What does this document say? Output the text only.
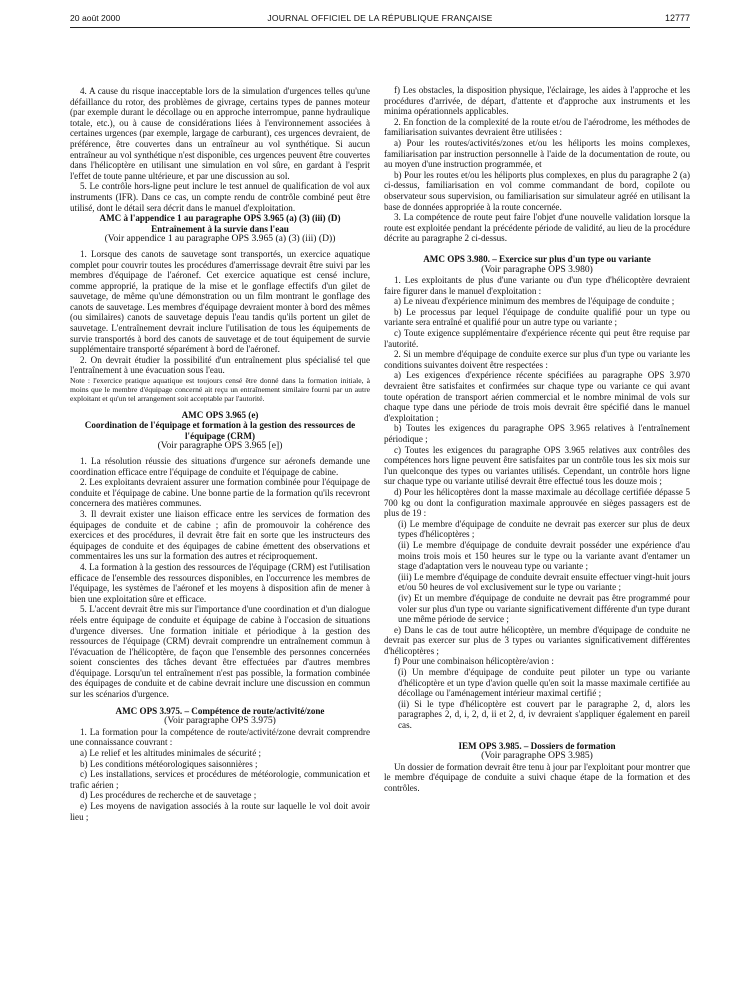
20 août 2000	JOURNAL OFFICIEL DE LA RÉPUBLIQUE FRANÇAISE	12777

4. A cause du risque inacceptable lors de la simulation d'urgences telles qu'une défaillance du rotor, des problèmes de givrage, certains types de pannes moteur (par exemple durant le décollage ou en approche interrompue, panne hydraulique totale, etc.), ou à cause de considérations liées à l'environnement associées à certaines urgences (par exemple, largage de carburant), ces urgences devraient, de préférence, être couvertes dans un entraîneur au vol synthétique. Si aucun entraîneur au vol synthétique n'est disponible, ces urgences peuvent être couvertes dans l'hélicoptère en utilisant une simulation en vol sûre, en gardant à l'esprit l'effet de toute panne ultérieure, et par une discussion au sol.

5. Le contrôle hors-ligne peut inclure le test annuel de qualification de vol aux instruments (IFR). Dans ce cas, un compte rendu de contrôle combiné peut être utilisé, dont le détail sera décrit dans le manuel d'exploitation.

AMC à l'appendice 1 au paragraphe OPS 3.965 (a) (3) (iii) (D)
Entraînement à la survie dans l'eau

(Voir appendice 1 au paragraphe OPS 3.965 (a) (3) (iii) (D))

1. Lorsque des canots de sauvetage sont transportés, un exercice aquatique complet pour couvrir toutes les procédures d'amerrissage devrait être suivi par les membres d'équipage de l'aéronef. Cet exercice aquatique est censé inclure, comme approprié, la pratique de la mise et le gonflage effectifs d'un gilet de sauvetage, de même qu'une démonstration ou un film montrant le gonflage des canots de sauvetage. Les membres d'équipage devraient monter à bord des mêmes (ou similaires) canots de sauvetage depuis l'eau tandis qu'ils portent un gilet de sauvetage. L'entraînement devrait inclure l'utilisation de tous les équipements de survie transportés à bord des canots de sauvetage et de tout équipement de survie supplémentaire transporté séparément à bord de l'aéronef.

2. On devrait étudier la possibilité d'un entraînement plus spécialisé tel que l'entraînement à une évacuation sous l'eau.

Note : l'exercice pratique aquatique est toujours censé être donné dans la formation initiale, à moins que le membre d'équipage concerné ait reçu un entraînement similaire fourni par un autre exploitant et qu'un tel arrangement soit acceptable par l'autorité.

AMC OPS 3.965 (e)
Coordination de l'équipage et formation à la gestion des ressources de l'équipage (CRM)

(Voir paragraphe OPS 3.965 [e])

1. La résolution réussie des situations d'urgence sur aéronefs demande une coordination efficace entre l'équipage de conduite et l'équipage de cabine.

2. Les exploitants devraient assurer une formation combinée pour l'équipage de conduite et l'équipage de cabine. Une bonne partie de la formation qu'ils recevront concernera des matières communes.

3. Il devrait exister une liaison efficace entre les services de formation des équipages de conduite et de cabine ; afin de promouvoir la cohérence des exercices et des procédures, il devrait être fait en sorte que les instructeurs des équipages de conduite et des équipages de cabine émettent des observations et commentaires les uns sur la formation des autres et réciproquement.

4. La formation à la gestion des ressources de l'équipage (CRM) est l'utilisation efficace de l'ensemble des ressources disponibles, en l'occurrence les membres de l'équipage, les systèmes de l'aéronef et les moyens à disposition afin de mener à bien une exploitation sûre et efficace.

5. L'accent devrait être mis sur l'importance d'une coordination et d'un dialogue réels entre équipage de conduite et équipage de cabine à l'occasion de situations d'urgence diverses. Une formation initiale et périodique à la gestion des ressources de l'équipage (CRM) devrait comprendre un entraînement commun à l'évacuation de l'hélicoptère, de façon que l'ensemble des personnes concernées soient conscientes des tâches devant être effectuées par d'autres membres d'équipage. Lorsqu'un tel entraînement n'est pas possible, la formation combinée des équipages de conduite et de cabine devrait inclure une discussion en commun sur les scénarios d'urgence.

AMC OPS 3.975. – Compétence de route/activité/zone

(Voir paragraphe OPS 3.975)

1. La formation pour la compétence de route/activité/zone devrait comprendre une connaissance couvrant :

a) Le relief et les altitudes minimales de sécurité ;

b) Les conditions météorologiques saisonnières ;

c) Les installations, services et procédures de météorologie, communication et trafic aérien ;

d) Les procédures de recherche et de sauvetage ;

e) Les moyens de navigation associés à la route sur laquelle le vol doit avoir lieu ;

f) Les obstacles, la disposition physique, l'éclairage, les aides à l'approche et les procédures d'arrivée, de départ, d'attente et d'approche aux instruments et les minima opérationnels applicables.

2. En fonction de la complexité de la route et/ou de l'aérodrome, les méthodes de familiarisation suivantes devraient être utilisées :

a) Pour les routes/activités/zones et/ou les héliports les moins complexes, familiarisation par instruction personnelle à l'aide de la documentation de route, ou au moyen d'une instruction programmée, et

b) Pour les routes et/ou les héliports plus complexes, en plus du paragraphe 2 (a) ci-dessus, familiarisation en vol comme commandant de bord, copilote ou observateur sous supervision, ou familiarisation sur simulateur agréé en utilisant la base de données appropriée à la route concernée.

3. La compétence de route peut faire l'objet d'une nouvelle validation lorsque la route est exploitée pendant la précédente période de validité, au lieu de la procédure décrite au paragraphe 2 ci-dessus.

AMC OPS 3.980. – Exercice sur plus d'un type ou variante

(Voir paragraphe OPS 3.980)

1. Les exploitants de plus d'une variante ou d'un type d'hélicoptère devraient faire figurer dans le manuel d'exploitation :

a) Le niveau d'expérience minimum des membres de l'équipage de conduite ;

b) Le processus par lequel l'équipage de conduite qualifié pour un type ou variante sera entraîné et qualifié pour un autre type ou variante ;

c) Toute exigence supplémentaire d'expérience récente qui peut être requise par l'autorité.

2. Si un membre d'équipage de conduite exerce sur plus d'un type ou variante les conditions suivantes doivent être respectées :

a) Les exigences d'expérience récente spécifiées au paragraphe OPS 3.970 devraient être satisfaites et confirmées sur chaque type ou variante ce qui avant toute opération de transport aérien commercial et le nombre minimal de vols sur chaque type dans une période de trois mois devrait être spécifié dans le manuel d'exploitation ;

b) Toutes les exigences du paragraphe OPS 3.965 relatives à l'entraînement périodique ;

c) Toutes les exigences du paragraphe OPS 3.965 relatives aux contrôles des compétences hors ligne peuvent être satisfaites par un contrôle tous les six mois sur l'un quelconque des types ou variantes utilisés. Cependant, un contrôle hors ligne sur chaque type ou variante utilisé devrait être effectué tous les douze mois ;

d) Pour les hélicoptères dont la masse maximale au décollage certifiée dépasse 5 700 kg ou dont la configuration maximale approuvée en sièges passagers est de plus de 19 :

(i) Le membre d'équipage de conduite ne devrait pas exercer sur plus de deux types d'hélicoptères ;

(ii) Le membre d'équipage de conduite devrait posséder une expérience d'au moins trois mois et 150 heures sur le type ou la variante avant d'entamer un stage d'adaptation vers le nouveau type ou variante ;

(iii) Le membre d'équipage de conduite devrait ensuite effectuer vingt-huit jours et/ou 50 heures de vol exclusivement sur le type ou variante ;

(iv) Et un membre d'équipage de conduite ne devrait pas être programmé pour voler sur plus d'un type ou variante significativement différente d'un type durant une même période de service ;

e) Dans le cas de tout autre hélicoptère, un membre d'équipage de conduite ne devrait pas exercer sur plus de 3 types ou variantes significativement différentes d'hélicoptères ;

f) Pour une combinaison hélicoptère/avion :

(i) Un membre d'équipage de conduite peut piloter un type ou variante d'hélicoptère et un type d'avion quelle qu'en soit la masse maximale certifiée au décollage ou l'aménagement intérieur maximal certifié ;

(ii) Si le type d'hélicoptère est couvert par le paragraphe 2, d, alors les paragraphes 2, d, i, 2, d, ii et 2, d, iv devraient s'appliquer également en pareil cas.

IEM OPS 3.985. – Dossiers de formation

(Voir paragraphe OPS 3.985)

Un dossier de formation devrait être tenu à jour par l'exploitant pour montrer que le membre d'équipage de conduite a suivi chaque étape de la formation et des contrôles.
